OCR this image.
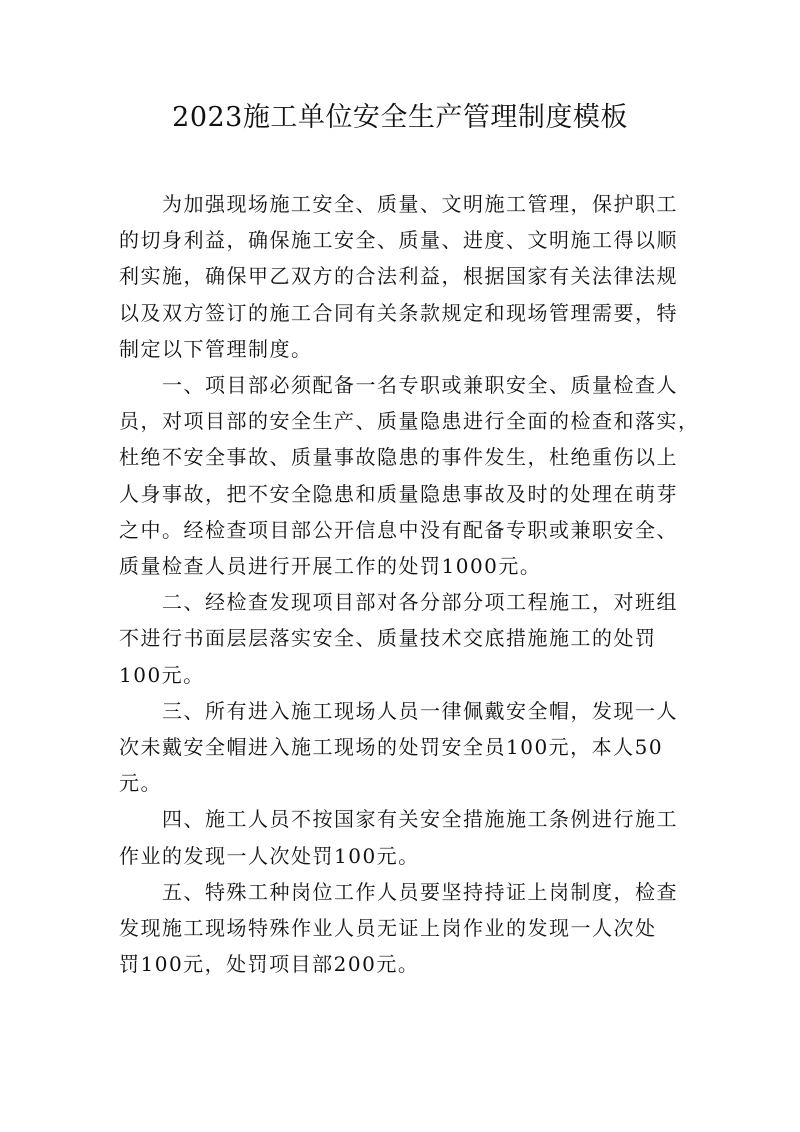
2023施工单位安全生产管理制度模板

　　为加强现场施工安全、质量、文明施工管理，保护职工
的切身利益，确保施工安全、质量、进度、文明施工得以顺
利实施，确保甲乙双方的合法利益，根据国家有关法律法规
以及双方签订的施工合同有关条款规定和现场管理需要，特
制定以下管理制度。

　　一、项目部必须配备一名专职或兼职安全、质量检查人
员，对项目部的安全生产、质量隐患进行全面的检查和落实，
杜绝不安全事故、质量事故隐患的事件发生，杜绝重伤以上
人身事故，把不安全隐患和质量隐患事故及时的处理在萌芽
之中。经检查项目部公开信息中没有配备专职或兼职安全、
质量检查人员进行开展工作的处罚1000元。

　　二、经检查发现项目部对各分部分项工程施工，对班组
不进行书面层层落实安全、质量技术交底措施施工的处罚
100元。

　　三、所有进入施工现场人员一律佩戴安全帽，发现一人
次未戴安全帽进入施工现场的处罚安全员100元，本人50
元。

　　四、施工人员不按国家有关安全措施施工条例进行施工
作业的发现一人次处罚100元。

　　五、特殊工种岗位工作人员要坚持持证上岗制度，检查
发现施工现场特殊作业人员无证上岗作业的发现一人次处
罚100元，处罚项目部200元。
